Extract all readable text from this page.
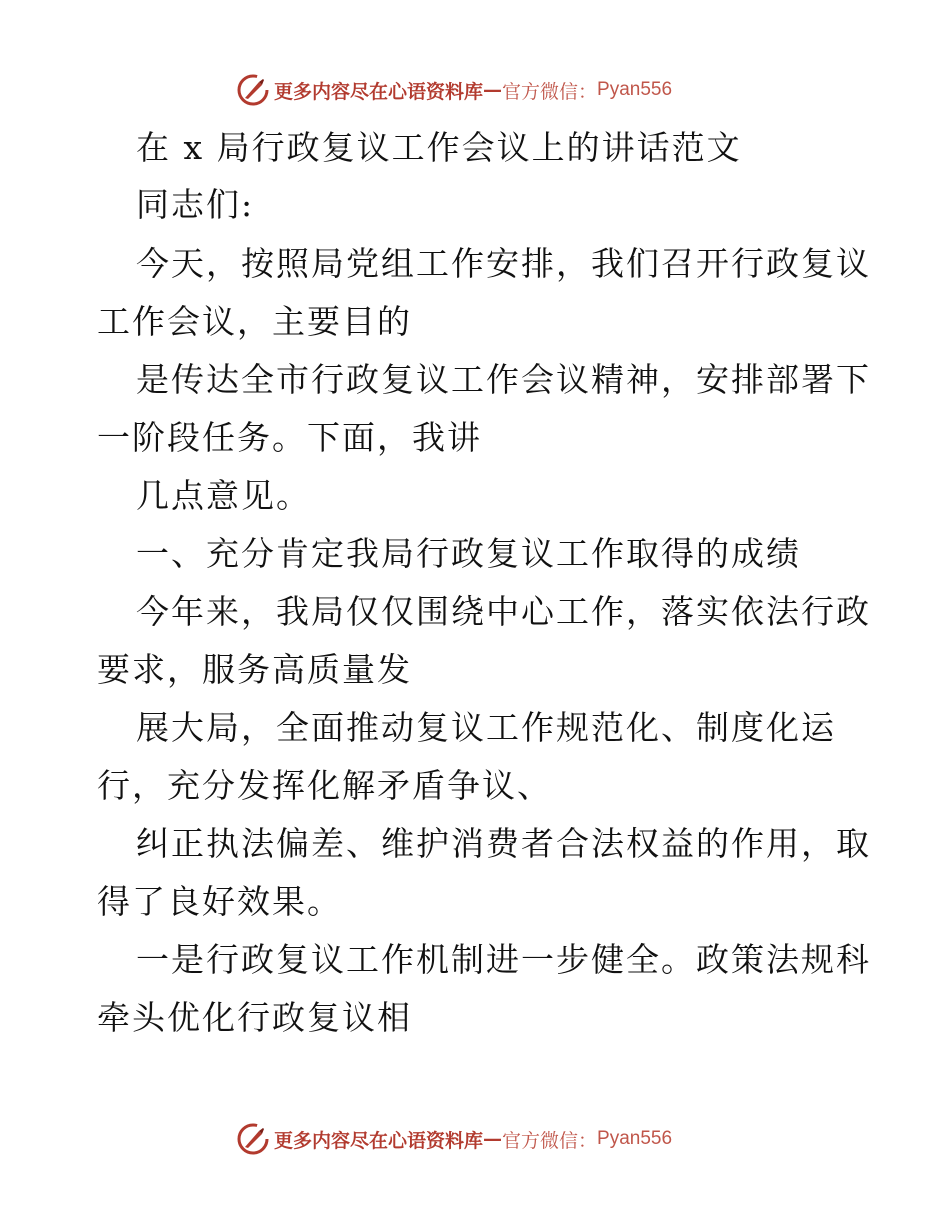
更多内容尽在心语资料库 — 官方微信： Pyan556
在 x 局行政复议工作会议上的讲话范文
同志们:
今天，按照局党组工作安排，我们召开行政复议
工作会议，主要目的
是传达全市行政复议工作会议精神，安排部署下
一阶段任务。下面，我讲
几点意见。
一、充分肯定我局行政复议工作取得的成绩
今年来，我局仅仅围绕中心工作，落实依法行政
要求，服务高质量发
展大局，全面推动复议工作规范化、制度化运
行，充分发挥化解矛盾争议、
纠正执法偏差、维护消费者合法权益的作用，取
得了良好效果。
一是行政复议工作机制进一步健全。政策法规科
牵头优化行政复议相
更多内容尽在心语资料库 — 官方微信： Pyan556
